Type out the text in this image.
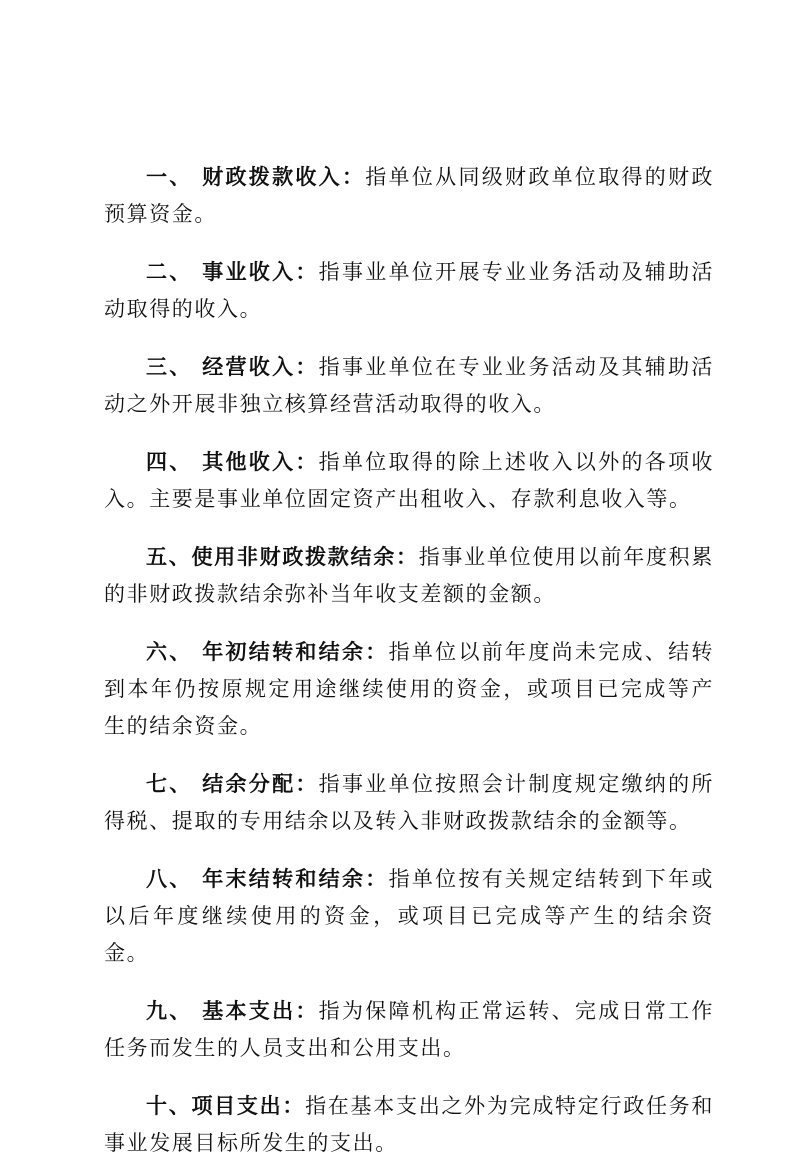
一、 财政拨款收入：指单位从同级财政单位取得的财政预算资金。

二、 事业收入：指事业单位开展专业业务活动及辅助活动取得的收入。

三、 经营收入：指事业单位在专业业务活动及其辅助活动之外开展非独立核算经营活动取得的收入。

四、 其他收入：指单位取得的除上述收入以外的各项收入。主要是事业单位固定资产出租收入、存款利息收入等。

五、使用非财政拨款结余：指事业单位使用以前年度积累的非财政拨款结余弥补当年收支差额的金额。

六、 年初结转和结余：指单位以前年度尚未完成、结转到本年仍按原规定用途继续使用的资金，或项目已完成等产生的结余资金。

七、 结余分配：指事业单位按照会计制度规定缴纳的所得税、提取的专用结余以及转入非财政拨款结余的金额等。

八、 年末结转和结余：指单位按有关规定结转到下年或以后年度继续使用的资金，或项目已完成等产生的结余资金。

九、 基本支出：指为保障机构正常运转、完成日常工作任务而发生的人员支出和公用支出。

十、项目支出：指在基本支出之外为完成特定行政任务和事业发展目标所发生的支出。
